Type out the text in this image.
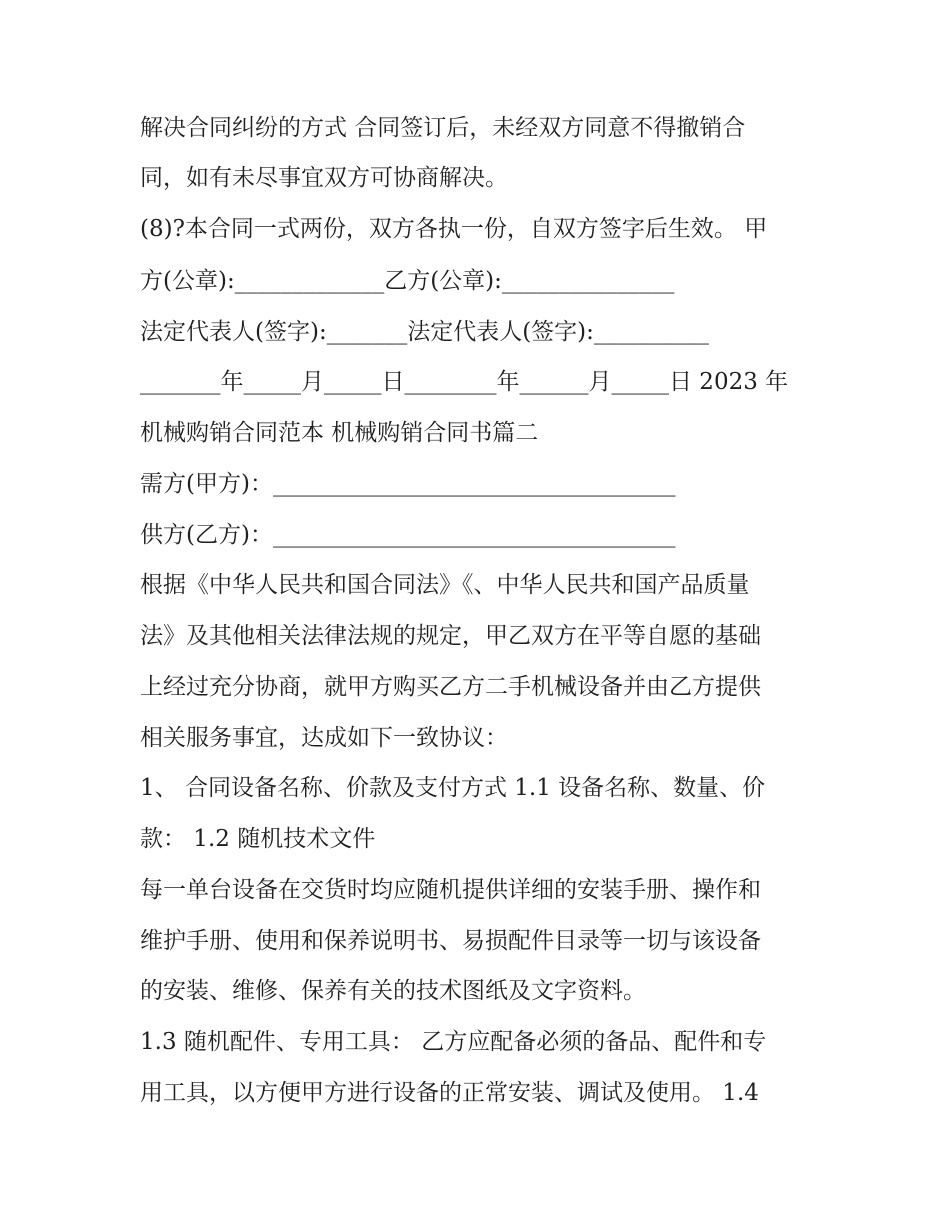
解决合同纠纷的方式 合同签订后，未经双方同意不得撤销合
同，如有未尽事宜双方可协商解决。
(8)?本合同一式两份，双方各执一份，自双方签字后生效。 甲
方(公章):_____________乙方(公章):_______________
法定代表人(签字):_______法定代表人(签字):__________
_______年_____月_____日________年______月_____日 2023 年
机械购销合同范本 机械购销合同书篇二
需方(甲方)：___________________________________
供方(乙方)：___________________________________
根据《中华人民共和国合同法》《、中华人民共和国产品质量
法》及其他相关法律法规的规定，甲乙双方在平等自愿的基础
上经过充分协商，就甲方购买乙方二手机械设备并由乙方提供
相关服务事宜，达成如下一致协议：
1、 合同设备名称、价款及支付方式 1.1 设备名称、数量、价
款： 1.2 随机技术文件
每一单台设备在交货时均应随机提供详细的安装手册、操作和
维护手册、使用和保养说明书、易损配件目录等一切与该设备
的安装、维修、保养有关的技术图纸及文字资料。
1.3 随机配件、专用工具： 乙方应配备必须的备品、配件和专
用工具，以方便甲方进行设备的正常安装、调试及使用。 1.4
